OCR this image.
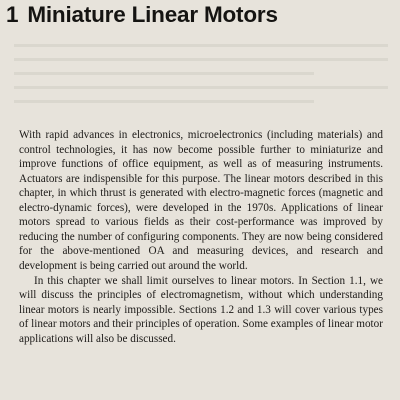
1 Miniature Linear Motors

With rapid advances in electronics, microelectronics (including materials) and control technologies, it has now become possible further to miniaturize and improve functions of office equipment, as well as of measuring instruments. Actuators are indispensible for this purpose. The linear motors described in this chapter, in which thrust is generated with electro-magnetic forces (magnetic and electro-dynamic forces), were developed in the 1970s. Applications of linear motors spread to various fields as their cost-performance was improved by reducing the number of configuring components. They are now being considered for the above-mentioned OA and measuring devices, and research and development is being carried out around the world.

In this chapter we shall limit ourselves to linear motors. In Section 1.1, we will discuss the principles of electromagnetism, without which understanding linear motors is nearly impossible. Sections 1.2 and 1.3 will cover various types of linear motors and their principles of operation. Some examples of linear motor applications will also be discussed.
